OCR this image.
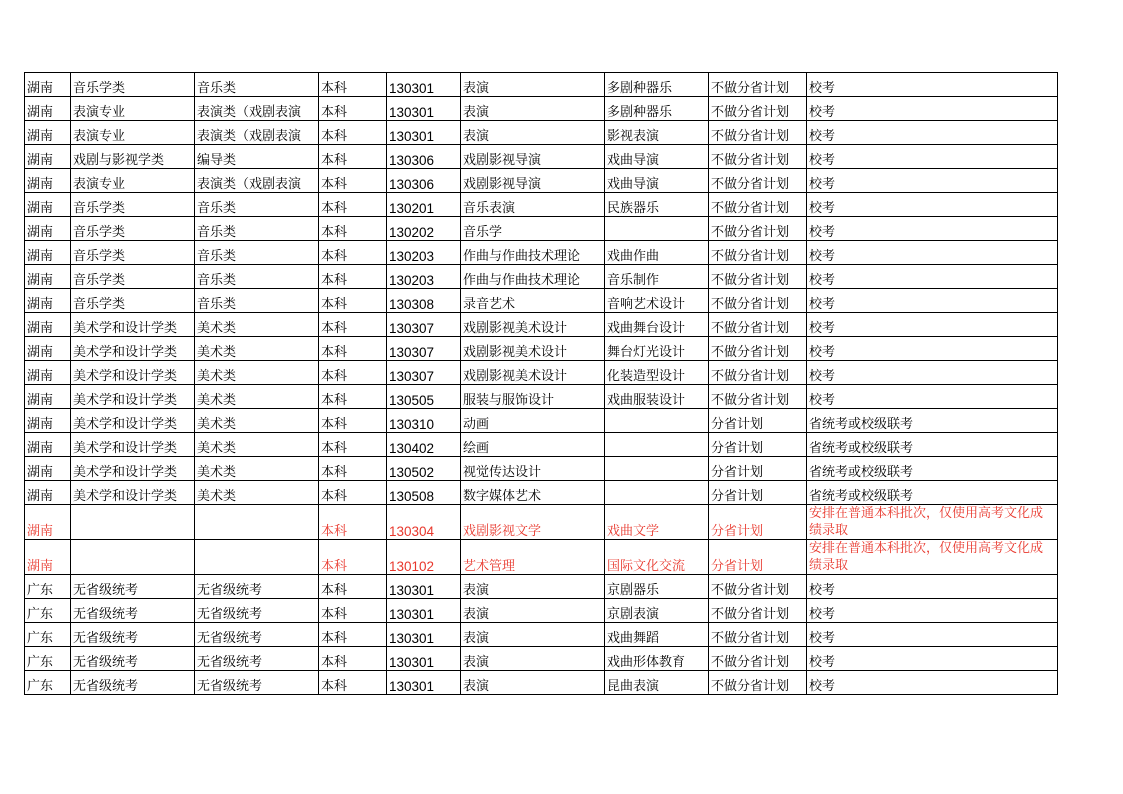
湖南	音乐学类	音乐类	本科	130301	表演	多剧种器乐	不做分省计划	校考
湖南	表演专业	表演类（戏剧表演	本科	130301	表演	多剧种器乐	不做分省计划	校考
湖南	表演专业	表演类（戏剧表演	本科	130301	表演	影视表演	不做分省计划	校考
湖南	戏剧与影视学类	编导类	本科	130306	戏剧影视导演	戏曲导演	不做分省计划	校考
湖南	表演专业	表演类（戏剧表演	本科	130306	戏剧影视导演	戏曲导演	不做分省计划	校考
湖南	音乐学类	音乐类	本科	130201	音乐表演	民族器乐	不做分省计划	校考
湖南	音乐学类	音乐类	本科	130202	音乐学		不做分省计划	校考
湖南	音乐学类	音乐类	本科	130203	作曲与作曲技术理论	戏曲作曲	不做分省计划	校考
湖南	音乐学类	音乐类	本科	130203	作曲与作曲技术理论	音乐制作	不做分省计划	校考
湖南	音乐学类	音乐类	本科	130308	录音艺术	音响艺术设计	不做分省计划	校考
湖南	美术学和设计学类	美术类	本科	130307	戏剧影视美术设计	戏曲舞台设计	不做分省计划	校考
湖南	美术学和设计学类	美术类	本科	130307	戏剧影视美术设计	舞台灯光设计	不做分省计划	校考
湖南	美术学和设计学类	美术类	本科	130307	戏剧影视美术设计	化装造型设计	不做分省计划	校考
湖南	美术学和设计学类	美术类	本科	130505	服装与服饰设计	戏曲服装设计	不做分省计划	校考
湖南	美术学和设计学类	美术类	本科	130310	动画		分省计划	省统考或校级联考
湖南	美术学和设计学类	美术类	本科	130402	绘画		分省计划	省统考或校级联考
湖南	美术学和设计学类	美术类	本科	130502	视觉传达设计		分省计划	省统考或校级联考
湖南	美术学和设计学类	美术类	本科	130508	数字媒体艺术		分省计划	省统考或校级联考
湖南			本科	130304	戏剧影视文学	戏曲文学	分省计划	安排在普通本科批次，仅使用高考文化成绩录取
湖南			本科	130102	艺术管理	国际文化交流	分省计划	安排在普通本科批次，仅使用高考文化成绩录取
广东	无省级统考	无省级统考	本科	130301	表演	京剧器乐	不做分省计划	校考
广东	无省级统考	无省级统考	本科	130301	表演	京剧表演	不做分省计划	校考
广东	无省级统考	无省级统考	本科	130301	表演	戏曲舞蹈	不做分省计划	校考
广东	无省级统考	无省级统考	本科	130301	表演	戏曲形体教育	不做分省计划	校考
广东	无省级统考	无省级统考	本科	130301	表演	昆曲表演	不做分省计划	校考
